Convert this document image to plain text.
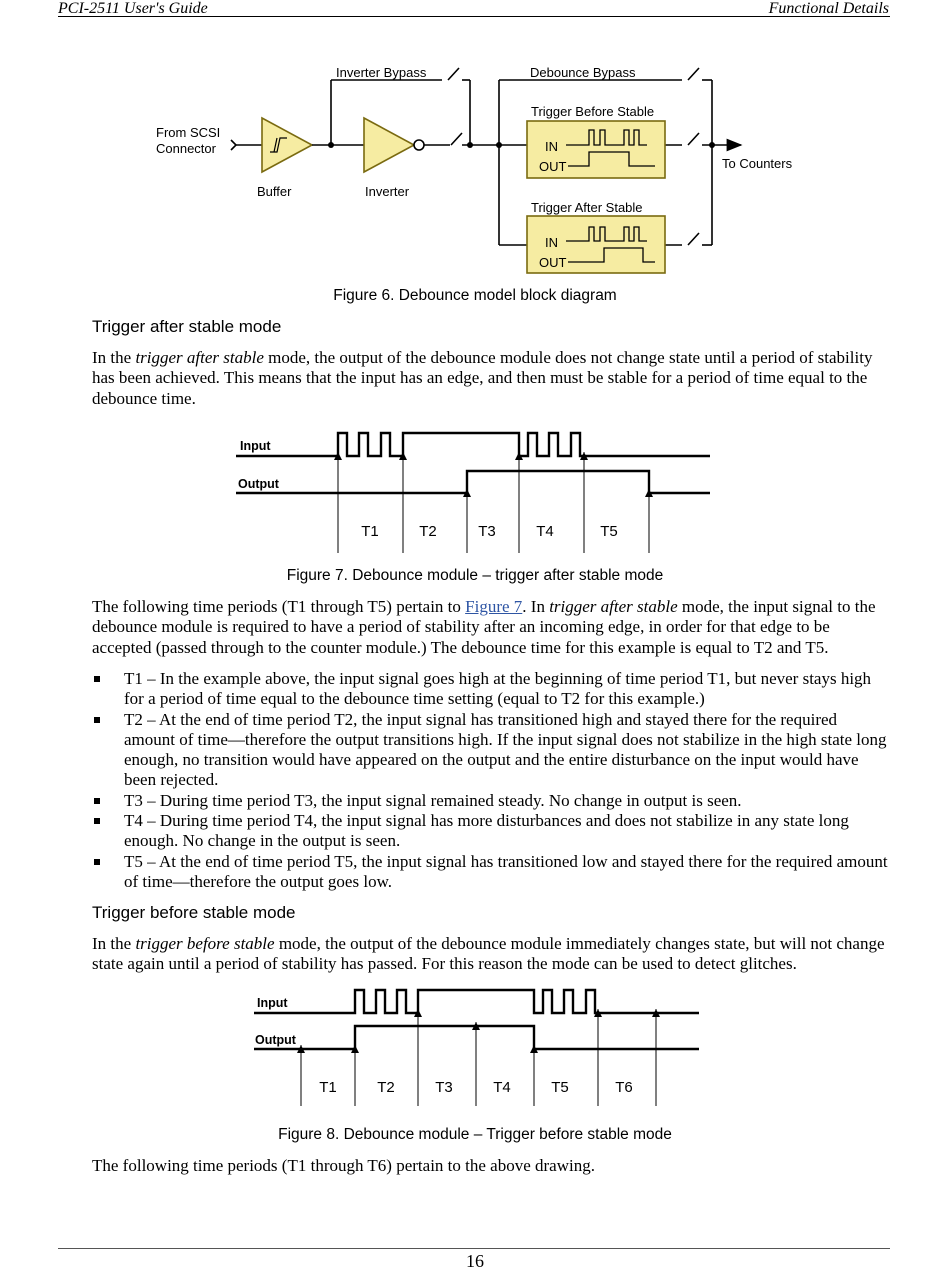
PCI-2511 User's Guide	Functional Details
From SCSI
Connector
Buffer	Inverter
Inverter Bypass	Debounce Bypass
Trigger Before Stable
Trigger After Stable
IN
OUT
IN
OUT
To Counters
Figure 6. Debounce model block diagram
Trigger after stable mode

In the trigger after stable mode, the output of the debounce module does not change state until a period of stability has been achieved. This means that the input has an edge, and then must be stable for a period of time equal to the debounce time.

Input
Output
T1	T2	T3	T4	T5
Figure 7. Debounce module – trigger after stable mode

The following time periods (T1 through T5) pertain to Figure 7. In trigger after stable mode, the input signal to the debounce module is required to have a period of stability after an incoming edge, in order for that edge to be accepted (passed through to the counter module.) The debounce time for this example is equal to T2 and T5.

T1 – In the example above, the input signal goes high at the beginning of time period T1, but never stays high for a period of time equal to the debounce time setting (equal to T2 for this example.)
T2 – At the end of time period T2, the input signal has transitioned high and stayed there for the required amount of time—therefore the output transitions high. If the input signal does not stabilize in the high state long enough, no transition would have appeared on the output and the entire disturbance on the input would have been rejected.
T3 – During time period T3, the input signal remained steady. No change in output is seen.
T4 – During time period T4, the input signal has more disturbances and does not stabilize in any state long enough. No change in the output is seen.
T5 – At the end of time period T5, the input signal has transitioned low and stayed there for the required amount of time—therefore the output goes low.
Trigger before stable mode

In the trigger before stable mode, the output of the debounce module immediately changes state, but will not change state again until a period of stability has passed. For this reason the mode can be used to detect glitches.

Input
Output
T1	T2	T3	T4	T5	T6
Figure 8. Debounce module – Trigger before stable mode

The following time periods (T1 through T6) pertain to the above drawing.

16
